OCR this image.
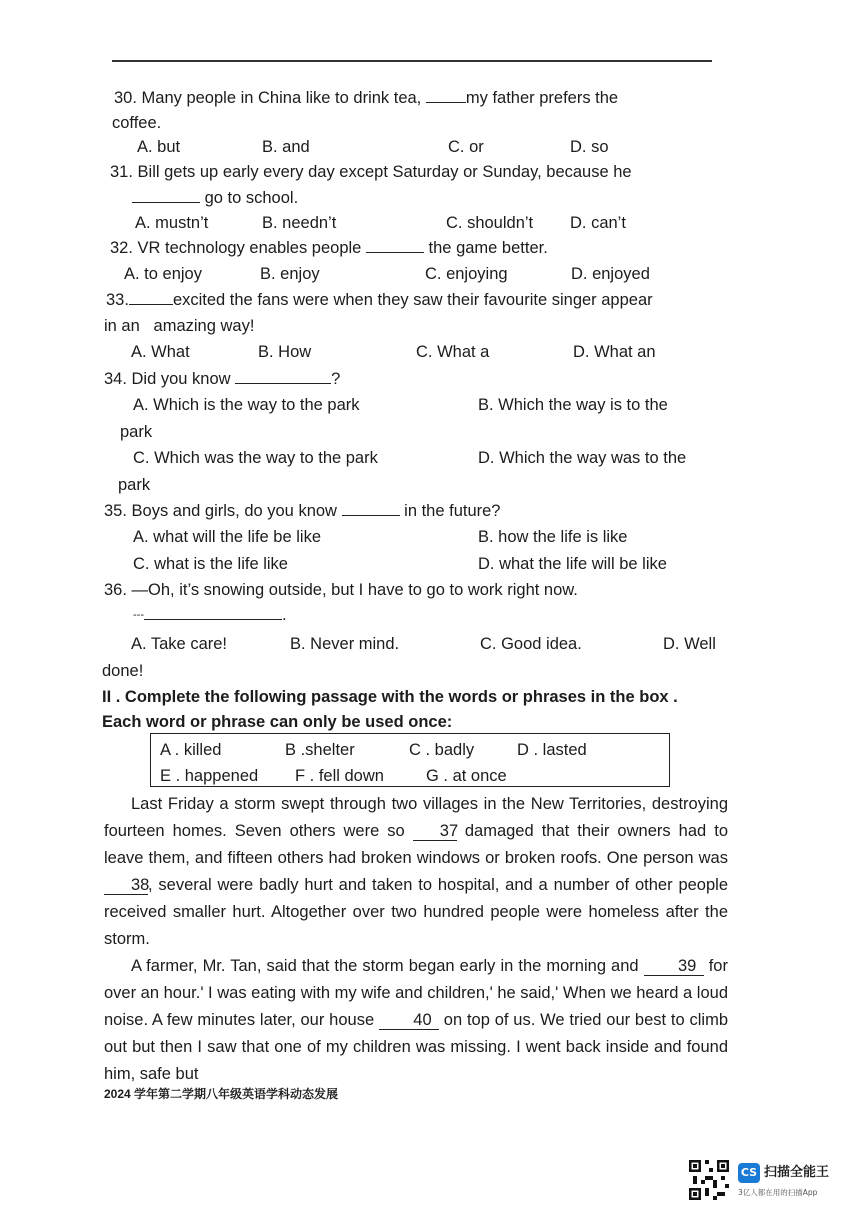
30. Many people in China like to drink tea,	my father prefers the
coffee.
A. but	B. and	C. or	D. so
31. Bill gets up early every day except Saturday or Sunday, because he
go to school.
A. mustn’t	B. needn’t	C. shouldn’t D. can’t
32. VR technology enables people	the game better.
A. to enjoy	B. enjoy	C. enjoying	D. enjoyed
33.	excited the fans were when they saw their favourite singer appear
in an amazing way!
A. What	B. How	C. What a	D. What an
34. Did you know	?
A. Which is the way to the park	B. Which the way is to the
park
C. Which was the way to the park	D. Which the way was to the
park
35. Boys and girls, do you know	in the future?
A. what will the life be like	B. how the life is like
C. what is the life like	D. what the life will be like
36. —Oh, it’s snowing outside, but I have to go to work right now.
---	.
A. Take care!	B. Never mind.	C. Good idea.	D. Well
done!
II . Complete the following passage with the words or phrases in the box .
Each word or phrase can only be used once:
A . killed	B .shelter	C . badly	D . lasted
E . happened F . fell down	G . at once
Last Friday a storm swept through two villages in the New Territories, destroying fourteen homes. Seven others were so 37 damaged that their owners had to leave them, and fifteen others had broken windows or broken roofs. One person was 38, several were badly hurt and taken to hospital, and a number of other people received smaller hurt. Altogether over two hundred people were homeless after the storm.
A farmer, Mr. Tan, said that the storm began early in the morning and 39 for over an hour.' I was eating with my wife and children,' he said,' When we heard a loud noise. A few minutes later, our house 40 on top of us. We tried our best to climb out but then I saw that one of my children was missing. I went back inside and found him, safe but
2024 学年第二学期八年级英语学科动态发展
CS 扫描全能王
3亿人都在用的扫描App
